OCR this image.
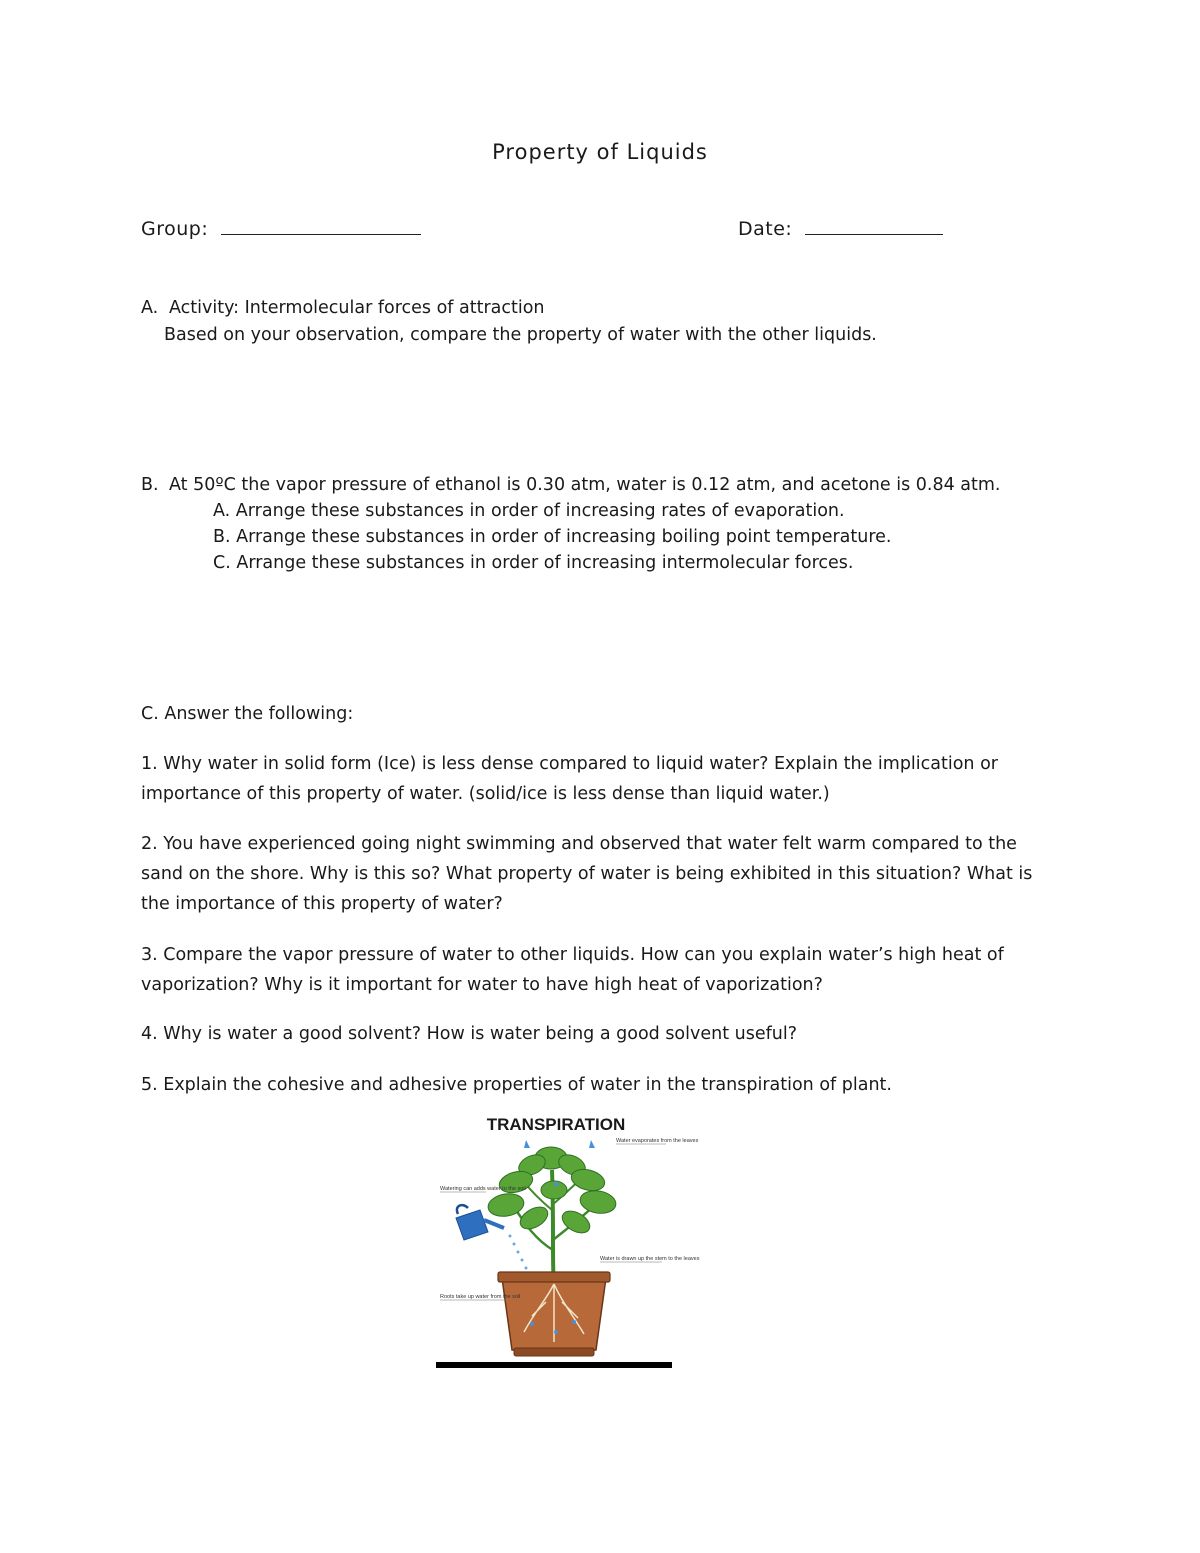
Property of Liquids
Group:	Date:
A. Activity: Intermolecular forces of attraction
Based on your observation, compare the property of water with the other liquids.
B. At 50ºC the vapor pressure of ethanol is 0.30 atm, water is 0.12 atm, and acetone is 0.84 atm.
A. Arrange these substances in order of increasing rates of evaporation.
B. Arrange these substances in order of increasing boiling point temperature.
C. Arrange these substances in order of increasing intermolecular forces.
C. Answer the following:
1. Why water in solid form (Ice) is less dense compared to liquid water? Explain the implication or
importance of this property of water. (solid/ice is less dense than liquid water.)
2. You have experienced going night swimming and observed that water felt warm compared to the
sand on the shore. Why is this so? What property of water is being exhibited in this situation? What is
the importance of this property of water?
3. Compare the vapor pressure of water to other liquids. How can you explain water’s high heat of
vaporization? Why is it important for water to have high heat of vaporization?
4. Why is water a good solvent? How is water being a good solvent useful?
5. Explain the cohesive and adhesive properties of water in the transpiration of plant.
TRANSPIRATION
Water evaporates from the leaves
Watering can adds water to the soil
Water is drawn up the stem to the leaves
Roots take up water from the soil
